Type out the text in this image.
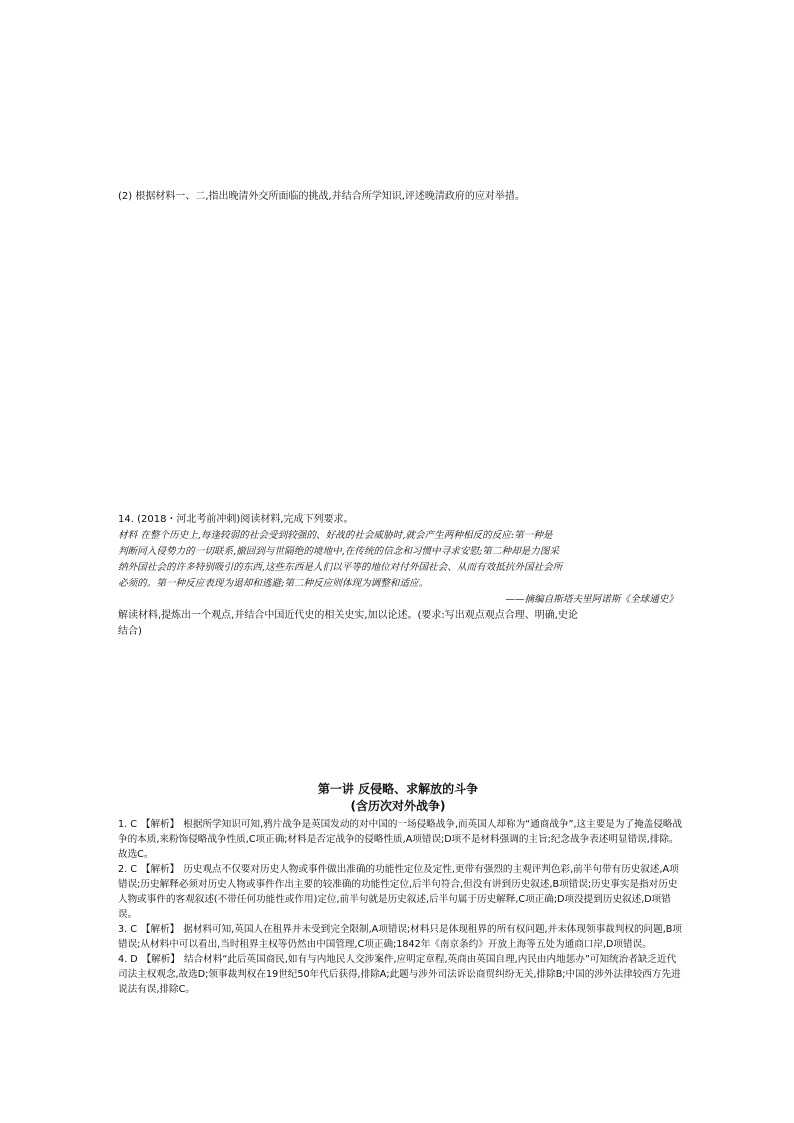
(2) 根据材料一、二,指出晚清外交所面临的挑战,并结合所学知识,评述晚清政府的应对举措。
14. (2018・河北考前冲刺)阅读材料,完成下列要求。
材料 在整个历史上,每逢较弱的社会受到较强的、好战的社会威胁时,就会产生两种相反的反应:第一种是
判断同入侵势力的一切联系,撤回到与世隔绝的境地中,在传统的信念和习惯中寻求安慰;第二种却是力图采
纳外国社会的许多特别吸引的东西,这些东西是人们以平等的地位对付外国社会、从而有效抵抗外国社会所
必须的。第一种反应表现为退却和逃避;第二种反应则体现为调整和适应。
——摘编自斯塔夫里阿诺斯《全球通史》
解读材料,提炼出一个观点,并结合中国近代史的相关史实,加以论述。(要求:写出观点观点合理、明确,史论
结合)
第一讲 反侵略、求解放的斗争
(含历次对外战争)
1. C 【解析】 根据所学知识可知,鸦片战争是英国发动的对中国的一场侵略战争,而英国人却称为“通商战争”,这主要是为了掩盖侵略战争的本质,来粉饰侵略战争性质,C项正确;材料是否定战争的侵略性质,A项错误;D项不是材料强调的主旨;纪念战争表述明显错误,排除。故选C。
2. C 【解析】 历史观点不仅要对历史人物或事件做出准确的功能性定位及定性,更带有强烈的主观评判色彩,前半句带有历史叙述,A项错误;历史解释必须对历史人物或事件作出主要的较准确的功能性定位,后半句符合,但没有讲到历史叙述,B项错误;历史事实是指对历史人物或事件的客观叙述(不带任何功能性或作用)定位,前半句就是历史叙述,后半句属于历史解释,C项正确;D项没提到历史叙述,D项错误。
3. C 【解析】 据材料可知,英国人在租界并未受到完全限制,A项错误;材料只是体现租界的所有权问题,并未体现领事裁判权的问题,B项错误;从材料中可以看出,当时租界主权等仍然由中国管理,C项正确;1842年《南京条约》开放上海等五处为通商口岸,D项错误。
4. D 【解析】 结合材料“此后英国商民,如有与内地民人交涉案件,应明定章程,英商由英国自理,内民由内地惩办”可知统治者缺乏近代司法主权观念,故选D;领事裁判权在19世纪50年代后获得,排除A;此题与涉外司法诉讼商贸纠纷无关,排除B;中国的涉外法律较西方先进说法有误,排除C。
